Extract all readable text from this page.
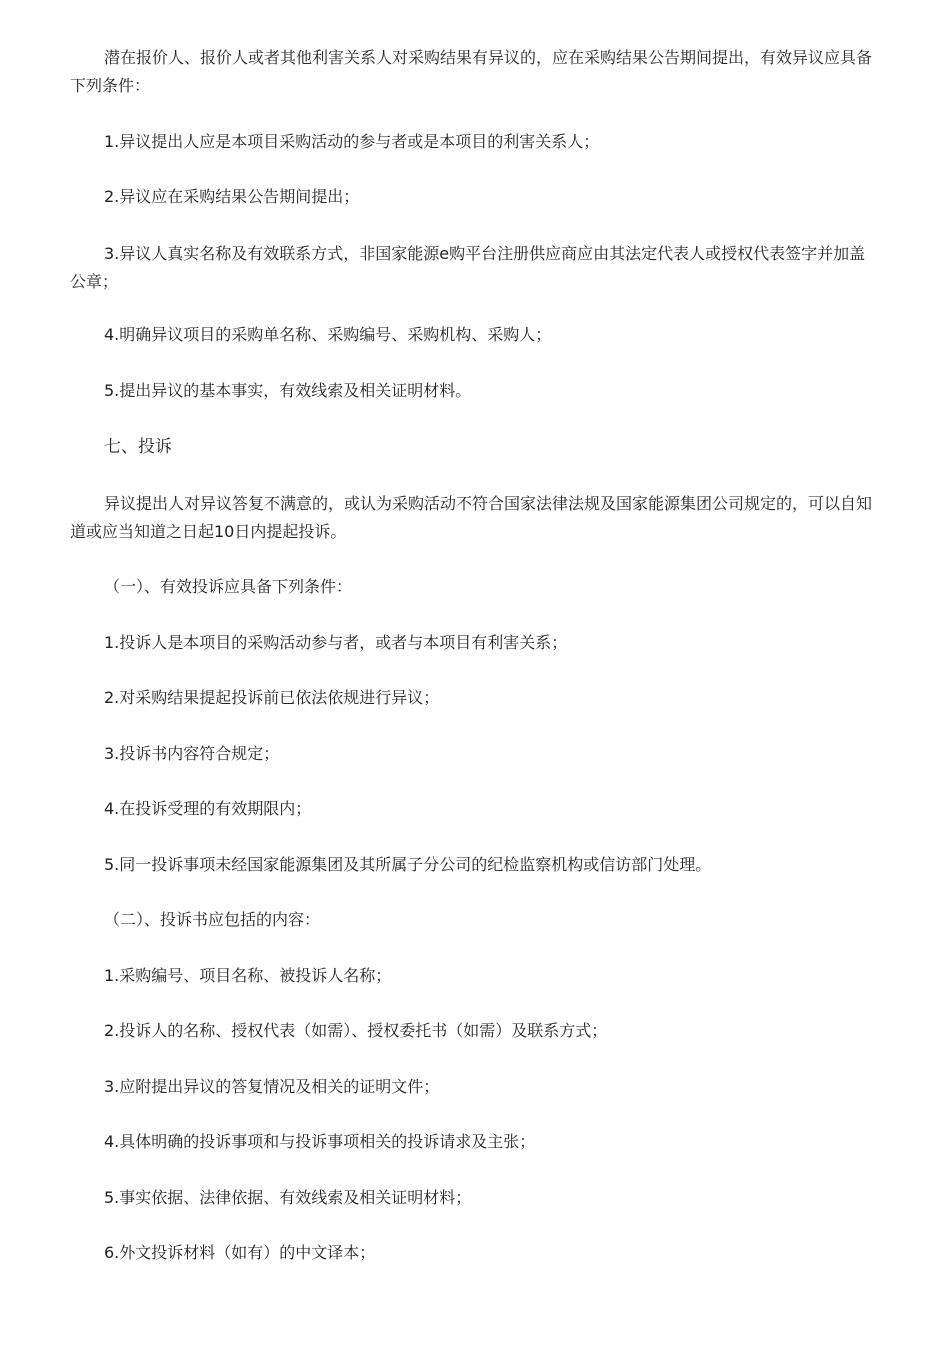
潜在报价人、报价人或者其他利害关系人对采购结果有异议的，应在采购结果公告期间提出，有效异议应具备下列条件：

1.异议提出人应是本项目采购活动的参与者或是本项目的利害关系人；

2.异议应在采购结果公告期间提出；

3.异议人真实名称及有效联系方式，非国家能源e购平台注册供应商应由其法定代表人或授权代表签字并加盖公章；

4.明确异议项目的采购单名称、采购编号、采购机构、采购人；

5.提出异议的基本事实，有效线索及相关证明材料。

七、投诉

异议提出人对异议答复不满意的，或认为采购活动不符合国家法律法规及国家能源集团公司规定的，可以自知道或应当知道之日起10日内提起投诉。

（一）、有效投诉应具备下列条件：

1.投诉人是本项目的采购活动参与者，或者与本项目有利害关系；

2.对采购结果提起投诉前已依法依规进行异议；

3.投诉书内容符合规定；

4.在投诉受理的有效期限内；

5.同一投诉事项未经国家能源集团及其所属子分公司的纪检监察机构或信访部门处理。

（二）、投诉书应包括的内容：

1.采购编号、项目名称、被投诉人名称；

2.投诉人的名称、授权代表（如需）、授权委托书（如需）及联系方式；

3.应附提出异议的答复情况及相关的证明文件；

4.具体明确的投诉事项和与投诉事项相关的投诉请求及主张；

5.事实依据、法律依据、有效线索及相关证明材料；

6.外文投诉材料（如有）的中文译本；
